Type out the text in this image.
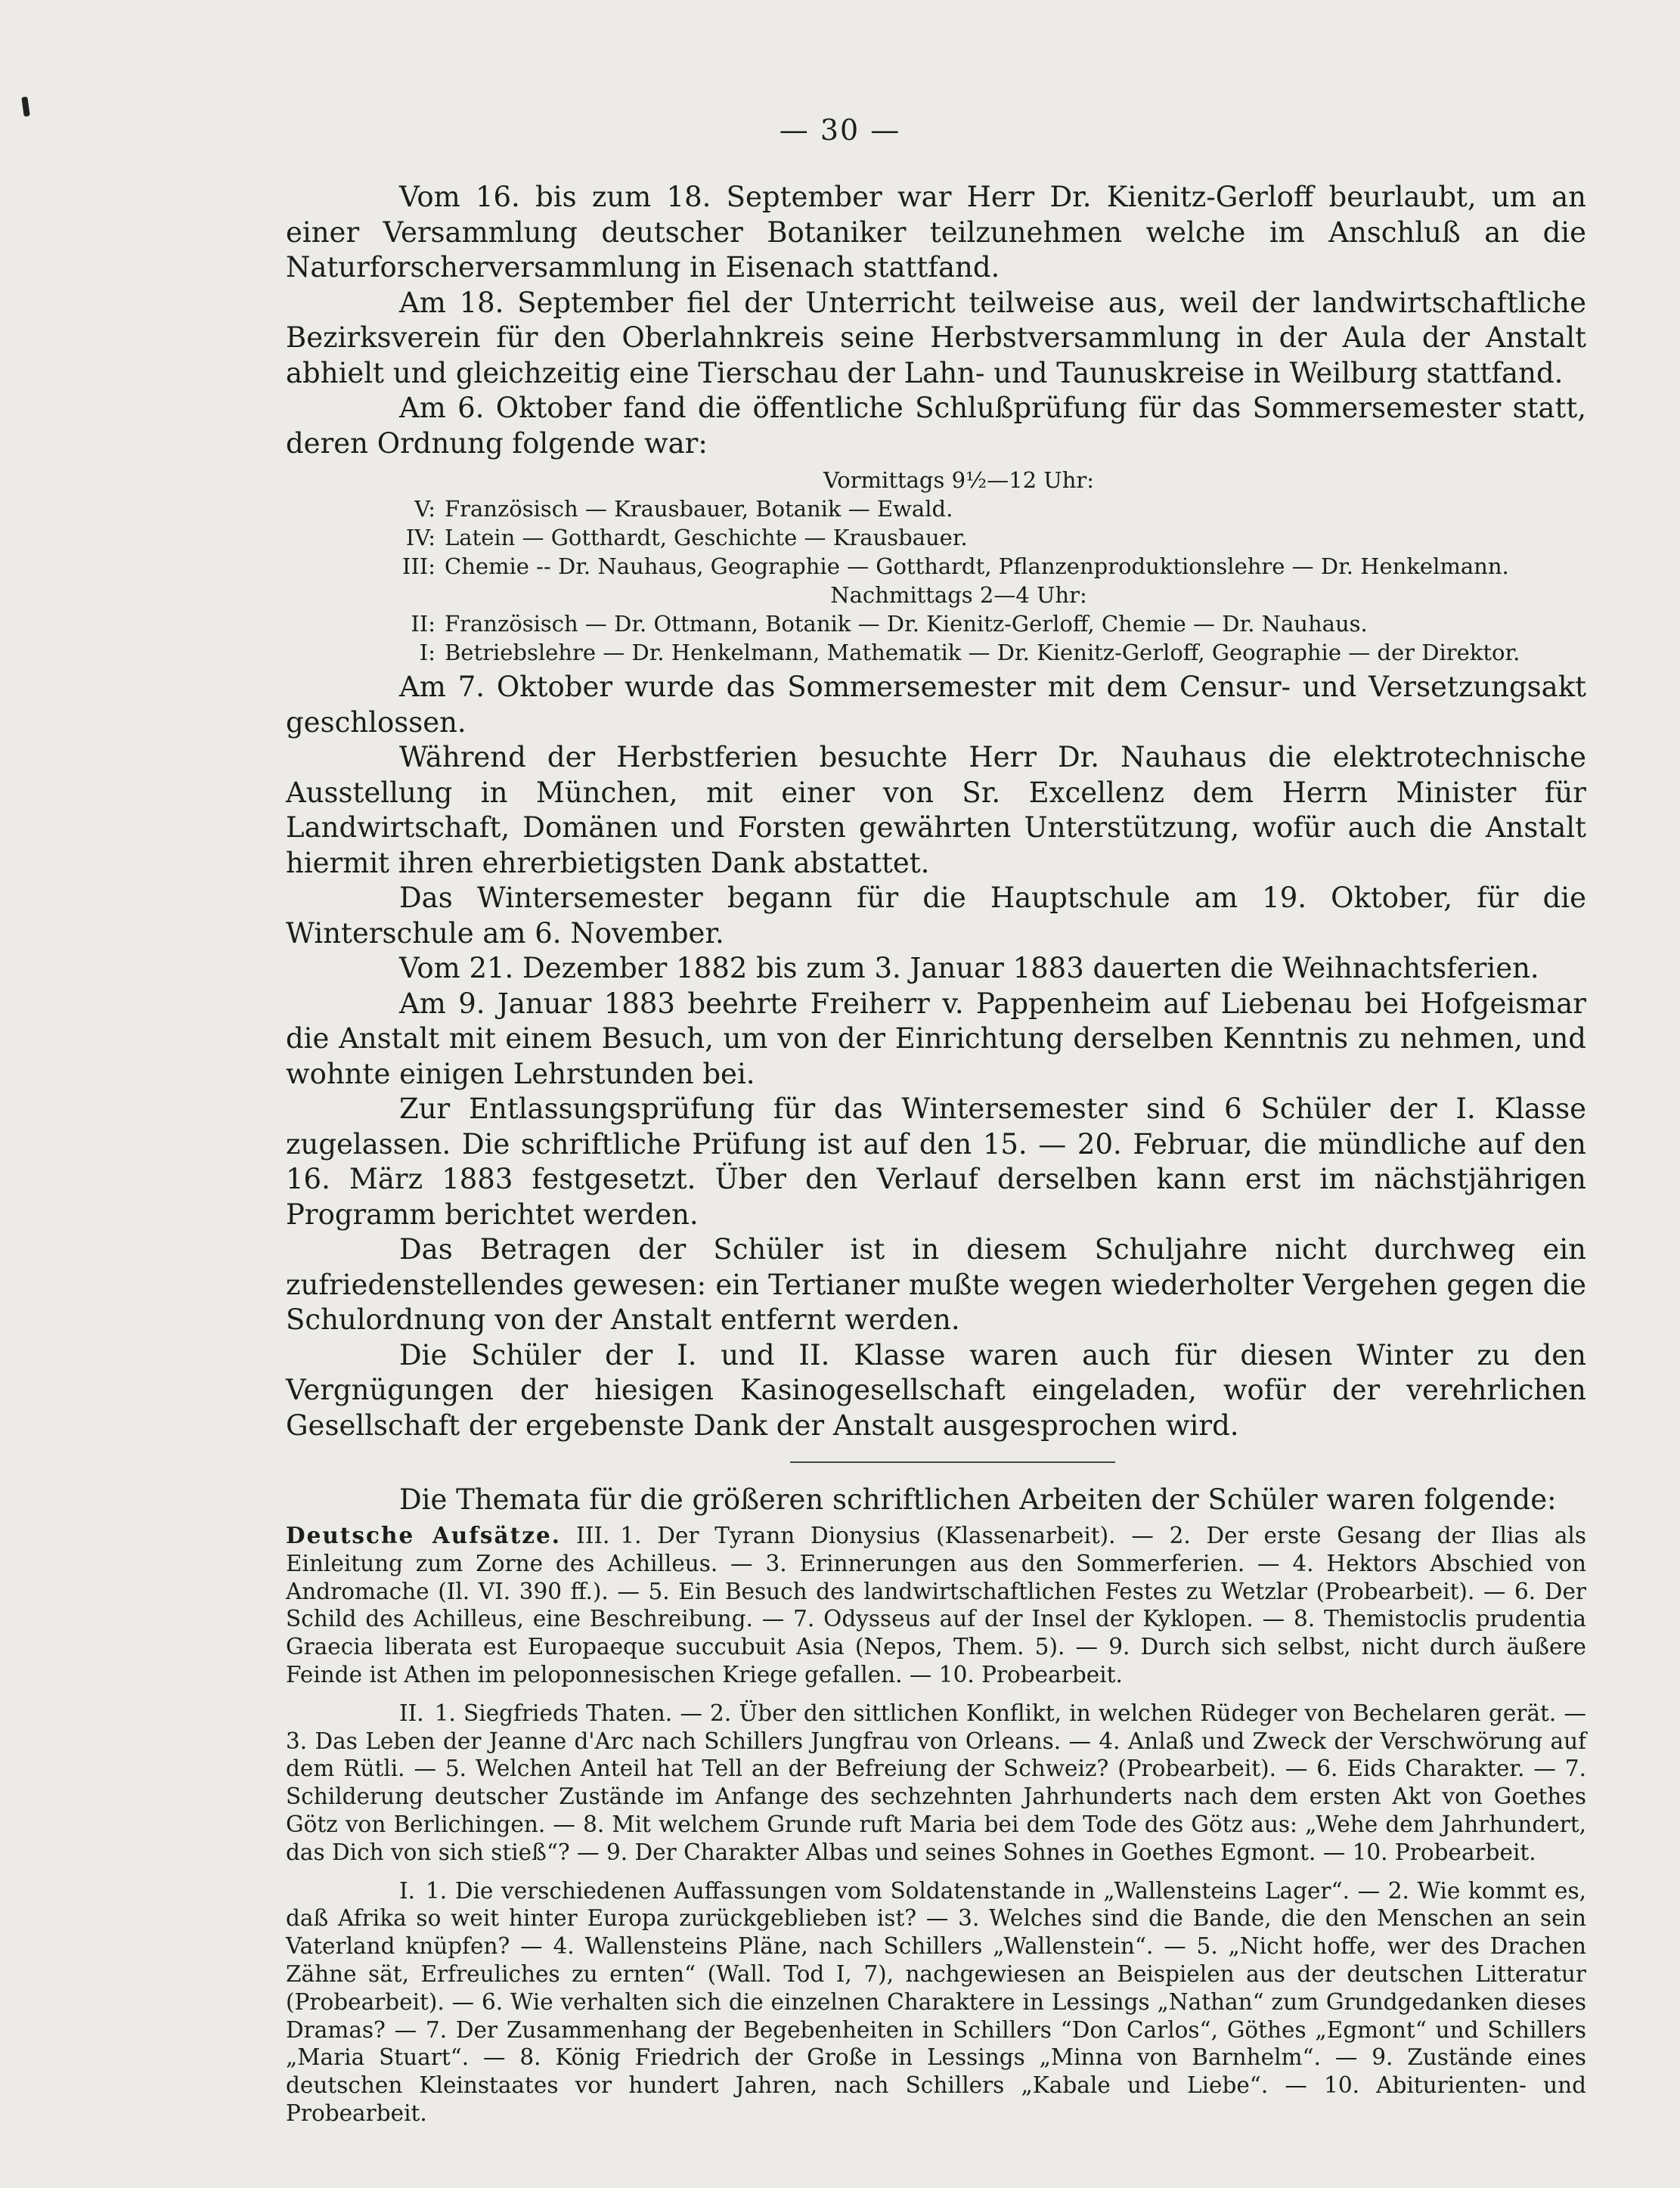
— 30 —

Vom 16. bis zum 18. September war Herr Dr. Kienitz-Gerloff beurlaubt, um an einer Versammlung deutscher Botaniker teilzunehmen welche im Anschluß an die Naturforscherversammlung in Eisenach stattfand.

Am 18. September fiel der Unterricht teilweise aus, weil der landwirtschaftliche Bezirksverein für den Oberlahnkreis seine Herbstversammlung in der Aula der Anstalt abhielt und gleichzeitig eine Tierschau der Lahn- und Taunuskreise in Weilburg stattfand.

Am 6. Oktober fand die öffentliche Schlußprüfung für das Sommersemester statt, deren Ordnung folgende war:

Vormittags 9½—12 Uhr:
V: Französisch — Krausbauer, Botanik — Ewald.
IV: Latein — Gotthardt, Geschichte — Krausbauer.
III: Chemie -- Dr. Nauhaus, Geographie — Gotthardt, Pflanzenproduktionslehre — Dr. Henkelmann.
Nachmittags 2—4 Uhr:
II: Französisch — Dr. Ottmann, Botanik — Dr. Kienitz-Gerloff, Chemie — Dr. Nauhaus.
I: Betriebslehre — Dr. Henkelmann, Mathematik — Dr. Kienitz-Gerloff, Geographie — der Direktor.

Am 7. Oktober wurde das Sommersemester mit dem Censur- und Versetzungsakt geschlossen.

Während der Herbstferien besuchte Herr Dr. Nauhaus die elektrotechnische Ausstellung in München, mit einer von Sr. Excellenz dem Herrn Minister für Landwirtschaft, Domänen und Forsten gewährten Unterstützung, wofür auch die Anstalt hiermit ihren ehrerbietigsten Dank abstattet.

Das Wintersemester begann für die Hauptschule am 19. Oktober, für die Winterschule am 6. November.

Vom 21. Dezember 1882 bis zum 3. Januar 1883 dauerten die Weihnachtsferien.

Am 9. Januar 1883 beehrte Freiherr v. Pappenheim auf Liebenau bei Hofgeismar die Anstalt mit einem Besuch, um von der Einrichtung derselben Kenntnis zu nehmen, und wohnte einigen Lehrstunden bei.

Zur Entlassungsprüfung für das Wintersemester sind 6 Schüler der I. Klasse zugelassen. Die schriftliche Prüfung ist auf den 15. — 20. Februar, die mündliche auf den 16. März 1883 festgesetzt. Über den Verlauf derselben kann erst im nächstjährigen Programm berichtet werden.

Das Betragen der Schüler ist in diesem Schuljahre nicht durchweg ein zufriedenstellendes gewesen: ein Tertianer mußte wegen wiederholter Vergehen gegen die Schulordnung von der Anstalt entfernt werden.

Die Schüler der I. und II. Klasse waren auch für diesen Winter zu den Vergnügungen der hiesigen Kasinogesellschaft eingeladen, wofür der verehrlichen Gesellschaft der ergebenste Dank der Anstalt ausgesprochen wird.

Die Themata für die größeren schriftlichen Arbeiten der Schüler waren folgende:

Deutsche Aufsätze. III. 1. Der Tyrann Dionysius (Klassenarbeit). — 2. Der erste Gesang der Ilias als Einleitung zum Zorne des Achilleus. — 3. Erinnerungen aus den Sommerferien. — 4. Hektors Abschied von Andromache (Il. VI. 390 ff.). — 5. Ein Besuch des landwirtschaftlichen Festes zu Wetzlar (Probearbeit). — 6. Der Schild des Achilleus, eine Beschreibung. — 7. Odysseus auf der Insel der Kyklopen. — 8. Themistoclis prudentia Graecia liberata est Europaeque succubuit Asia (Nepos, Them. 5). — 9. Durch sich selbst, nicht durch äußere Feinde ist Athen im peloponnesischen Kriege gefallen. — 10. Probearbeit.

II. 1. Siegfrieds Thaten. — 2. Über den sittlichen Konflikt, in welchen Rüdeger von Bechelaren gerät. — 3. Das Leben der Jeanne d'Arc nach Schillers Jungfrau von Orleans. — 4. Anlaß und Zweck der Verschwörung auf dem Rütli. — 5. Welchen Anteil hat Tell an der Befreiung der Schweiz? (Probearbeit). — 6. Eids Charakter. — 7. Schilderung deutscher Zustände im Anfange des sechzehnten Jahrhunderts nach dem ersten Akt von Goethes Götz von Berlichingen. — 8. Mit welchem Grunde ruft Maria bei dem Tode des Götz aus: „Wehe dem Jahrhundert, das Dich von sich stieß“? — 9. Der Charakter Albas und seines Sohnes in Goethes Egmont. — 10. Probearbeit.

I. 1. Die verschiedenen Auffassungen vom Soldatenstande in „Wallensteins Lager“. — 2. Wie kommt es, daß Afrika so weit hinter Europa zurückgeblieben ist? — 3. Welches sind die Bande, die den Menschen an sein Vaterland knüpfen? — 4. Wallensteins Pläne, nach Schillers „Wallenstein“. — 5. „Nicht hoffe, wer des Drachen Zähne sät, Erfreuliches zu ernten“ (Wall. Tod I, 7), nachgewiesen an Beispielen aus der deutschen Litteratur (Probearbeit). — 6. Wie verhalten sich die einzelnen Charaktere in Lessings „Nathan“ zum Grundgedanken dieses Dramas? — 7. Der Zusammenhang der Begebenheiten in Schillers “Don Carlos“, Göthes „Egmont“ und Schillers „Maria Stuart“. — 8. König Friedrich der Große in Lessings „Minna von Barnhelm“. — 9. Zustände eines deutschen Kleinstaates vor hundert Jahren, nach Schillers „Kabale und Liebe“. — 10. Abiturienten- und Probearbeit.
